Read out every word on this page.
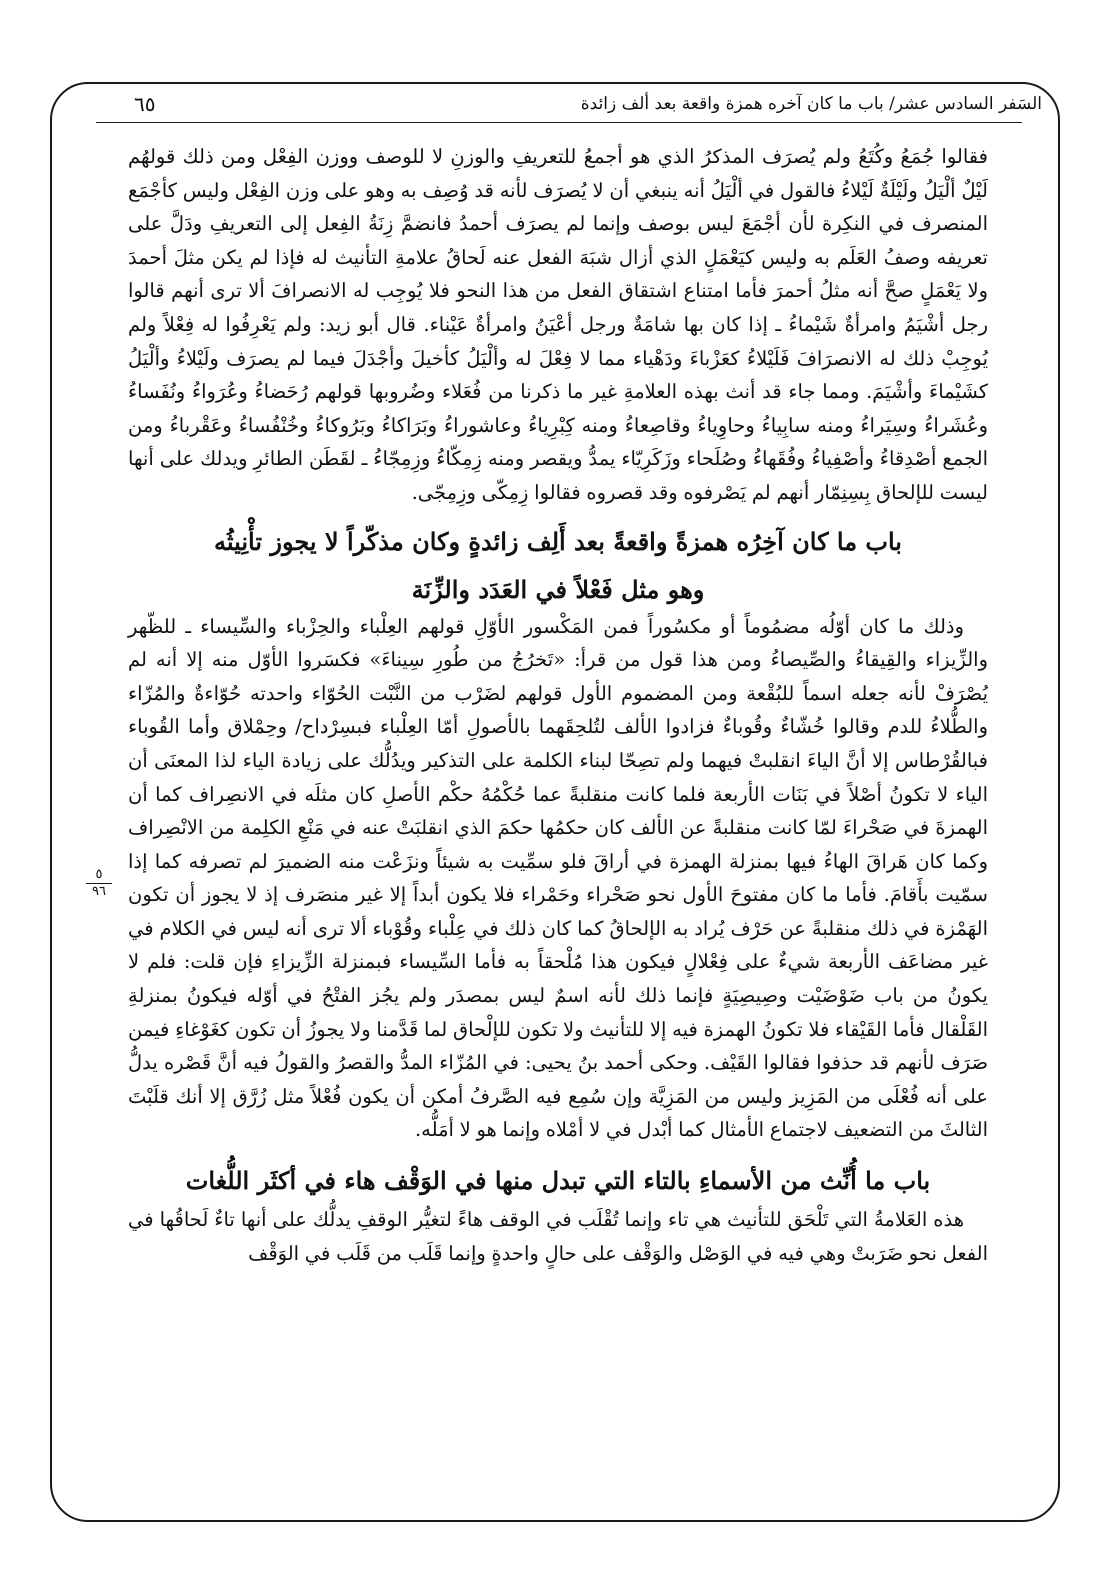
السَفر السادس عشر/ باب ما كان آخره همزة واقعة بعد ألف زائدة
٦٥
٥
٩٦

فقالوا جُمَعُ وكُتَعُ ولم يُصرَف المذكرُ الذي هو أجمعُ للتعريفِ والوزنِ لا للوصف ووزن الفِعْل ومن ذلك قولهُم لَيْلٌ ألْيَلُ ولَيْلَةٌ لَيْلاءُ فالقول في ألْيَلُ أنه ينبغي أن لا يُصرَف لأنه قد وُصِف به وهو على وزن الفِعْل وليس كأجْمَع المنصرف في النكِرة لأن أجْمَعَ ليس بوصف وإنما لم يصرَف أحمدُ فانضمَّ زِنَةُ الفِعل إلى التعريفِ ودَلَّ على تعريفه وصفُ العَلَم به وليس كيَعْمَلٍ الذي أزال شبَهَ الفعل عنه لَحاقُ علامةِ التأنيث له فإذا لم يكن مثلَ أحمدَ ولا يَعْمَلٍ صحَّ أنه مثلُ أحمرَ فأما امتناع اشتقاق الفعل من هذا النحو فلا يُوجِب له الانصرافَ ألا ترى أنهم قالوا رجل أشْيَمُ وامرأةٌ شَيْماءُ ـ إذا كان بها شامَةٌ ورجل أعْيَنُ وامرأةٌ عَيْناء. قال أبو زيد: ولم يَعْرِفُوا له فِعْلاً ولم يُوجِبْ ذلك له الانصرَافَ فَلَيْلاءُ كعَزْباءَ ودَهْياء مما لا فِعْلَ له وألْيَلُ كأخيلَ وأجْدَلَ فيما لم يصرَف ولَيْلاءُ وألْيَلُ كشَيْماءَ وأشْيَمَ. ومما جاء قد أنث بهذه العلامةِ غير ما ذكرنا من فُعَلاء وضُروبها قولهم رُحَضاءُ وعُرَواءُ ونُفَساءُ وعُشَراءُ وسِيَراءُ ومنه سابِياءُ وحاوِياءُ وقاصِعاءُ ومنه كِبْرِياءُ وعاشوراءُ وبَرَاكاءُ وبَرُوكاءُ وخُنْفُساءُ وعَقْرباءُ ومن الجمع أصْدِقاءُ وأصْفِياءُ وفُقَهاءُ وصُلَحاء وزَكَرِيّاء يمدُّ ويقصر ومنه زِمِكّاءُ وزِمِجّاءُ ـ لقَطَن الطائرِ ويدلك على أنها ليست للإلحاق بِسِنِمّار أنهم لم يَصْرفوه وقد قصروه فقالوا زِمِكّى وزِمِجّى.

باب ما كان آخِرُه همزةً واقعةً بعد أَلِف زائدةٍ وكان مذكّراً لا يجوز تأْنِيثُه
وهو مثل فَعْلاً في العَدَد والزِّنَة

وذلك ما كان أوّلُه مضمُوماً أو مكسُوراً فمن المَكْسور الأوّلِ قولهم العِلْباء والحِزْباء والسِّيساء ـ للظّهر والزِّيزاء والقِيقاءُ والصِّيصاءُ ومن هذا قول من قرأ: «تَخرُجُ من طُورِ سِيناءَ» فكسَروا الأوّل منه إلا أنه لم يُصْرَفْ لأنه جعله اسماً للبُقْعة ومن المضموم الأول قولهم لضَرْب من النَّبْت الحُوّاء واحدته حُوّاءةٌ والمُزّاء والطُّلاءُ للدم وقالوا خُشّاءٌ وقُوباءٌ فزادوا الألف لتُلحِقَهما بالأصولِ أمّا العِلْباء فبسِرْداح/ وحِمْلاق وأما القُوباء فبالقُرْطاس إلا أنَّ الياءَ انقلبتْ فيهما ولم تصِحّا لبناء الكلمة على التذكير ويدُلُّك على زيادة الياء لذا المعنَى أن الياء لا تكونُ أصْلاً في بَنَات الأربعة فلما كانت منقلبةً عما حُكْمُهُ حكْم الأصلِ كان مثلَه في الانصِراف كما أن الهمزةَ في صَحْراءَ لمّا كانت منقلبةً عن الألف كان حكمُها حكمَ الذي انقلبَتْ عنه في مَنْعِ الكلِمة من الانْصِراف وكما كان هَراقَ الهاءُ فيها بمنزلة الهمزة في أراقَ فلو سمِّيت به شيئاً ونزَعْت منه الضميرَ لم تصرفه كما إذا سمّيت بأَقامَ. فأما ما كان مفتوحَ الأول نحو صَحْراء وحَمْراء فلا يكون أبداً إلا غير منصَرف إذ لا يجوز أن تكون الهَمْزة في ذلك منقلبةً عن حَرْف يُراد به الإلحاقُ كما كان ذلك في عِلْباء وقُوْباء ألا ترى أنه ليس في الكلام في غير مضاعَف الأربعة شيءٌ على فِعْلالٍ فيكون هذا مُلْحقاً به فأما السِّيساء فبمنزلة الزِّيزاءِ فإن قلت: فلم لا يكونُ من باب ضَوْضَيْت وصِيصِيَةٍ فإنما ذلك لأنه اسمٌ ليس بمصدَر ولم يجُز الفتْحُ في أوّله فيكونُ بمنزلةِ القَلْقال فأما القَيْقاء فلا تكونُ الهمزة فيه إلا للتأنيث ولا تكون للإلْحاق لما قَدَّمنا ولا يجوزُ أن تكون كغَوْغاءِ فيمن صَرَف لأنهم قد حذفوا فقالوا القَيْف. وحكى أحمد بنُ يحيى: في المُزّاء المدُّ والقصرُ والقولُ فيه أنَّ قَصْره يدلُّ على أنه فُعْلَى من المَزِيز وليس من المَزِيَّة وإن سُمِع فيه الصَّرفُ أمكن أن يكون فُعْلاً مثل زُرَّق إلا أنك قلَبْتَ الثالثَ من التضعيف لاجتماع الأمثال كما أبْدل في لا أمْلاه وإنما هو لا أمَلُّه.

باب ما أُنِّث من الأسماءِ بالتاء التي تبدل منها في الوَقْف هاء في أكثَر اللُّغات

هذه العَلامةُ التي تَلْحَق للتأنيث هي تاء وإنما تُقْلَب في الوقف هاءً لتغيُّر الوقفِ يدلُّك على أنها تاءٌ لَحاقُها في الفعل نحو ضَرَبتْ وهي فيه في الوَصْل والوَقْف على حالٍ واحدةٍ وإنما قَلَب من قَلَب في الوَقْف
